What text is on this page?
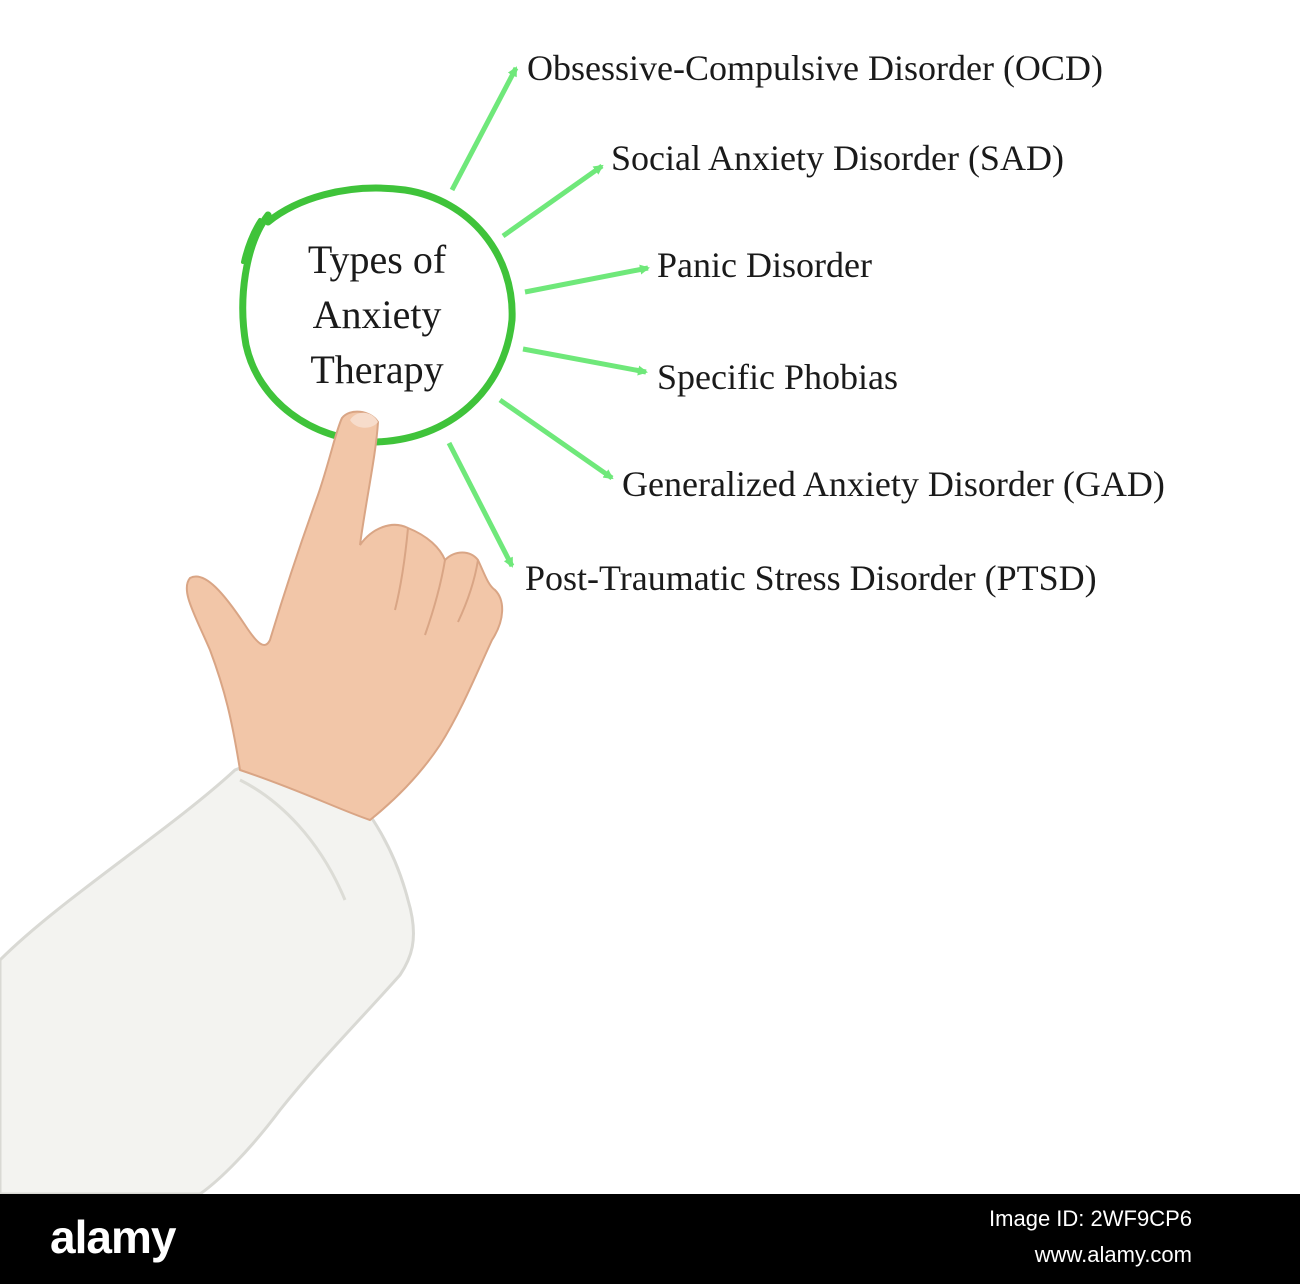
Types of
Anxiety
Therapy
Obsessive-Compulsive Disorder (OCD)
Social Anxiety Disorder (SAD)
Panic Disorder
Specific Phobias
Generalized Anxiety Disorder (GAD)
Post-Traumatic Stress Disorder (PTSD)
alamy	Image ID: 2WF9CP6
www.alamy.com
